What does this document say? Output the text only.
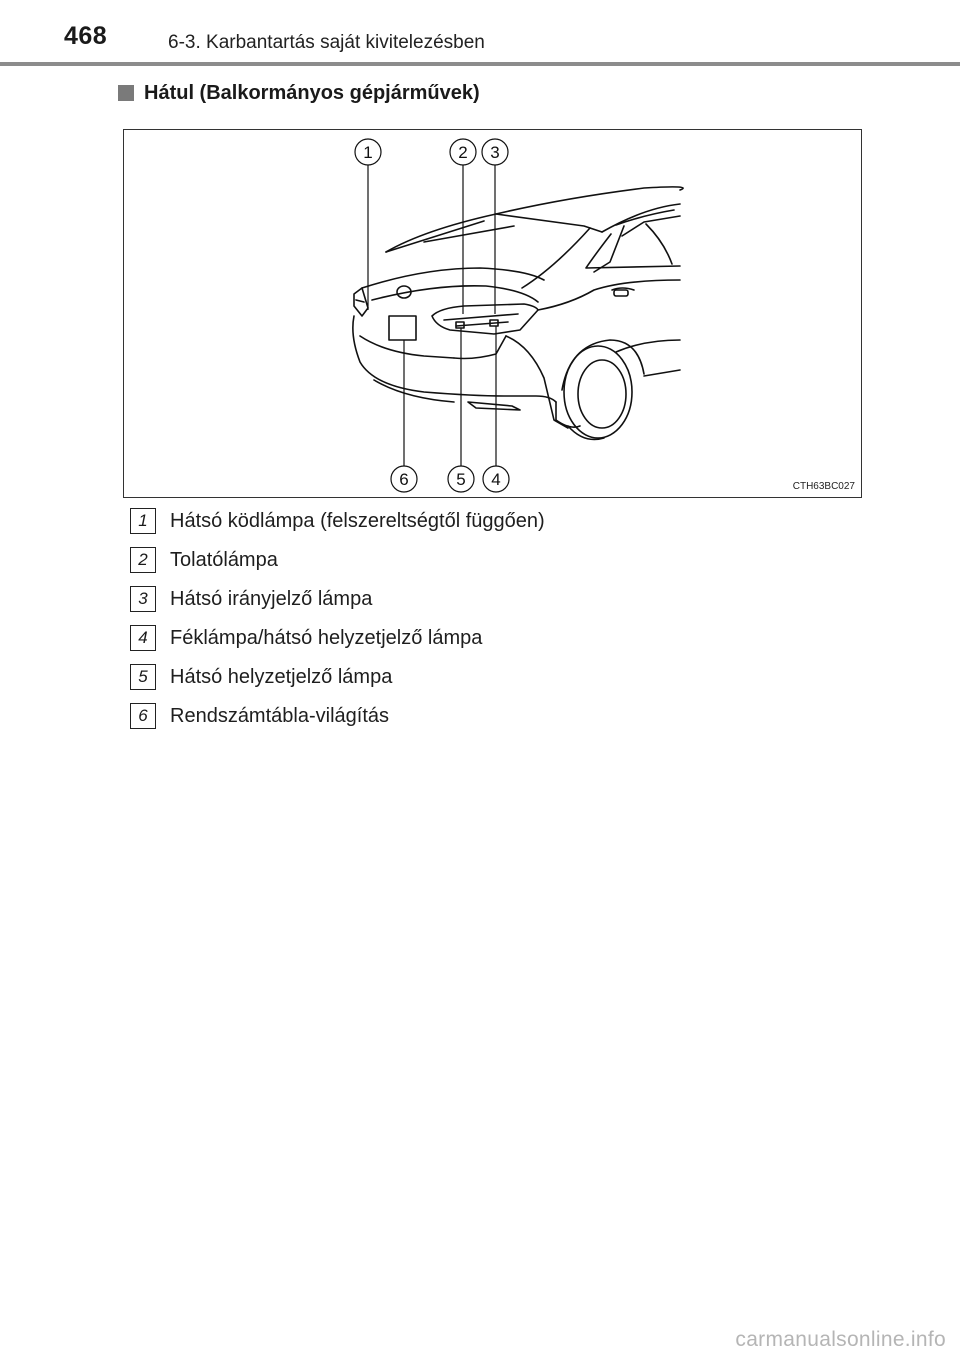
468	6-3. Karbantartás saját kivitelezésben
Hátul (Balkormányos gépjárművek)
1	2 3
6	5 4	CTH63BC027
1	Hátsó ködlámpa (felszereltségtől függően)
2	Tolatólámpa
3	Hátsó irányjelző lámpa
4	Féklámpa/hátsó helyzetjelző lámpa
5	Hátsó helyzetjelző lámpa
6	Rendszámtábla-világítás
carmanualsonline.info
